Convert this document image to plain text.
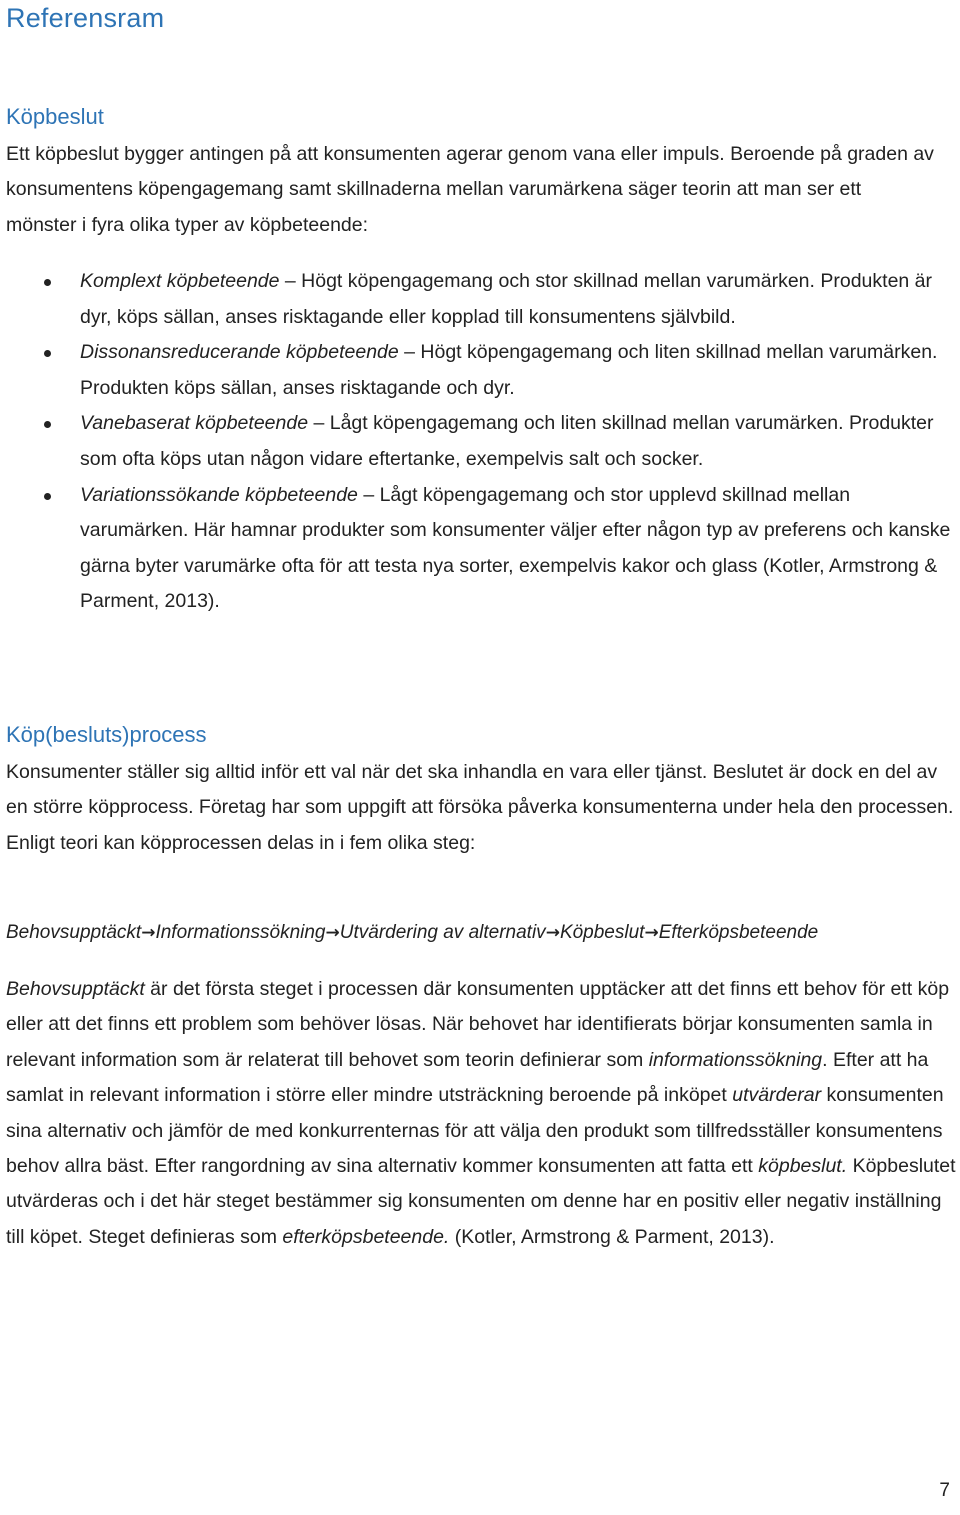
Referensram
Köpbeslut

Ett köpbeslut bygger antingen på att konsumenten agerar genom vana eller impuls. Beroende på graden av konsumentens köpengagemang samt skillnaderna mellan varumärkena säger teorin att man ser ett mönster i fyra olika typer av köpbeteende:

Komplext köpbeteende – Högt köpengagemang och stor skillnad mellan varumärken. Produkten är dyr, köps sällan, anses risktagande eller kopplad till konsumentens självbild.
Dissonansreducerande köpbeteende – Högt köpengagemang och liten skillnad mellan varumärken. Produkten köps sällan, anses risktagande och dyr.
Vanebaserat köpbeteende – Lågt köpengagemang och liten skillnad mellan varumärken. Produkter som ofta köps utan någon vidare eftertanke, exempelvis salt och socker.
Variationssökande köpbeteende – Lågt köpengagemang och stor upplevd skillnad mellan varumärken. Här hamnar produkter som konsumenter väljer efter någon typ av preferens och kanske gärna byter varumärke ofta för att testa nya sorter, exempelvis kakor och glass (Kotler, Armstrong & Parment, 2013).
Köp(besluts)process

Konsumenter ställer sig alltid inför ett val när det ska inhandla en vara eller tjänst. Beslutet är dock en del av en större köpprocess. Företag har som uppgift att försöka påverka konsumenterna under hela den processen. Enligt teori kan köpprocessen delas in i fem olika steg:

Behovsupptäckt→Informationssökning→Utvärdering av alternativ→Köpbeslut→Efterköpsbeteende

Behovsupptäckt är det första steget i processen där konsumenten upptäcker att det finns ett behov för ett köp eller att det finns ett problem som behöver lösas. När behovet har identifierats börjar konsumenten samla in relevant information som är relaterat till behovet som teorin definierar som informationssökning. Efter att ha samlat in relevant information i större eller mindre utsträckning beroende på inköpet utvärderar konsumenten sina alternativ och jämför de med konkurrenternas för att välja den produkt som tillfredsställer konsumentens behov allra bäst. Efter rangordning av sina alternativ kommer konsumenten att fatta ett köpbeslut. Köpbeslutet utvärderas och i det här steget bestämmer sig konsumenten om denne har en positiv eller negativ inställning till köpet. Steget definieras som efterköpsbeteende. (Kotler, Armstrong & Parment, 2013).

7
